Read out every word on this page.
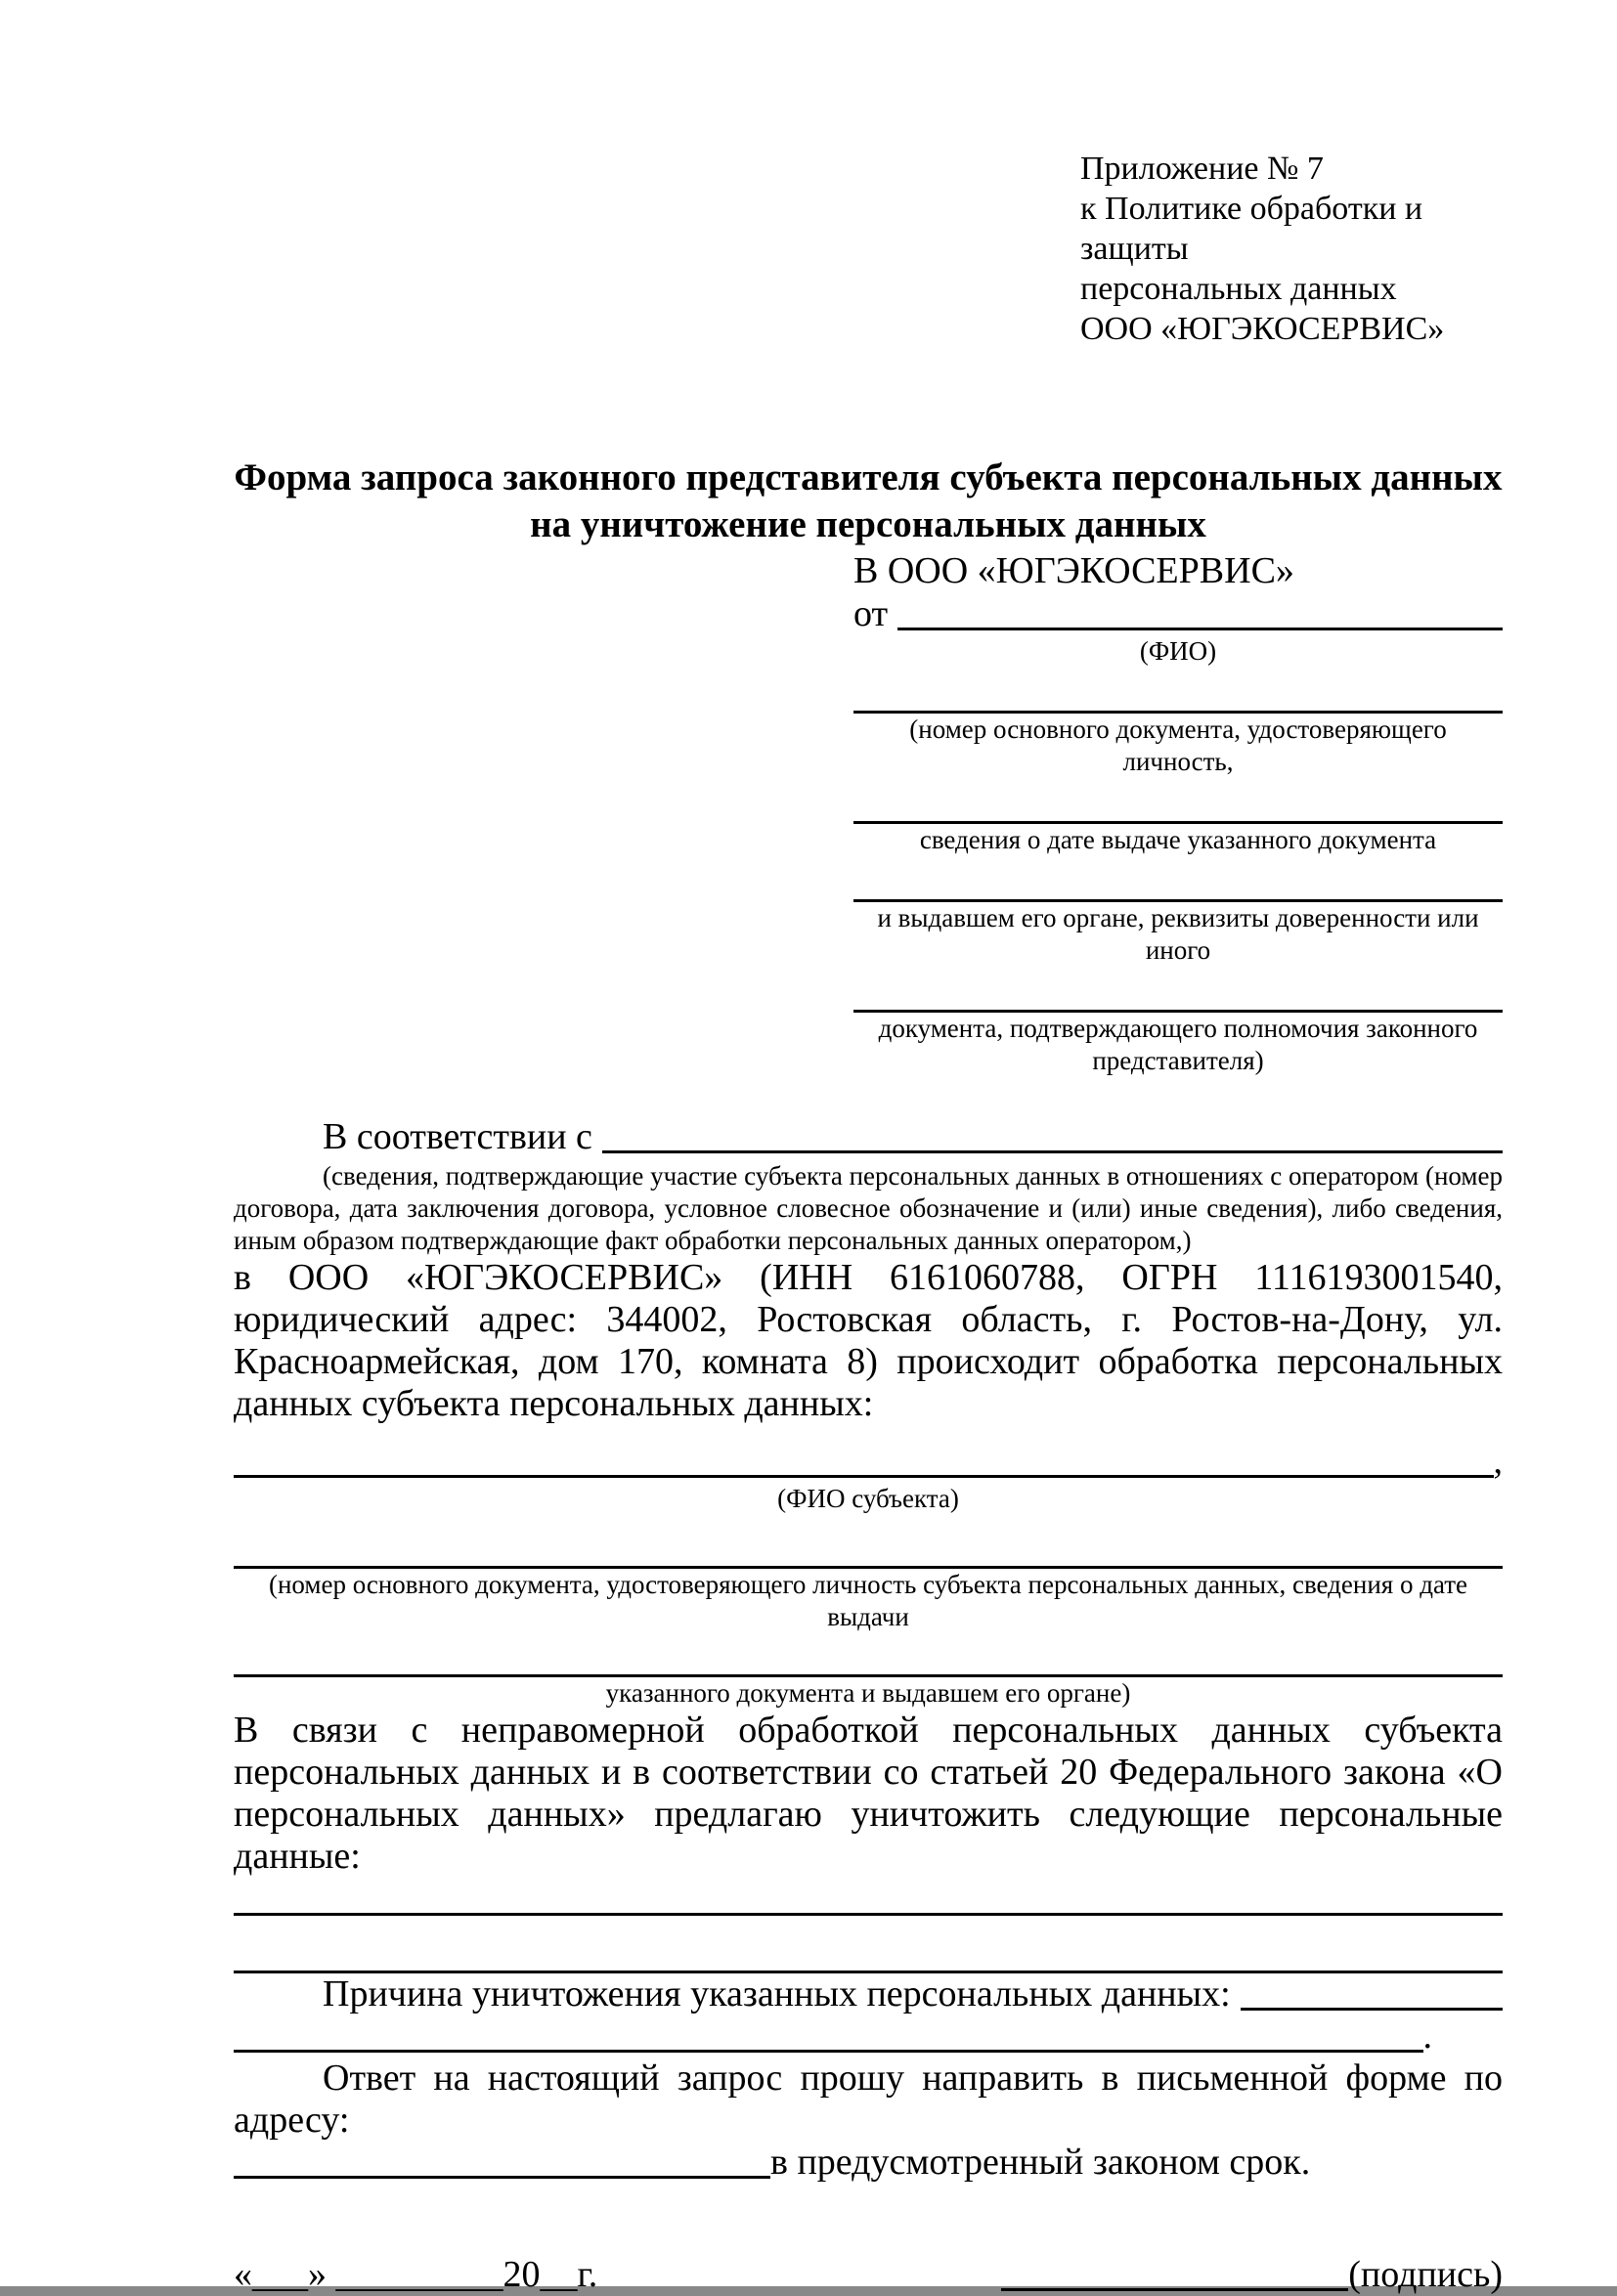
Приложение № 7
к Политике обработки и защиты
персональных данных
ООО «ЮГЭКОСЕРВИС»
Форма запроса законного представителя субъекта персональных данных
на уничтожение персональных данных
В ООО «ЮГЭКОСЕРВИС»
от
(ФИО)
(номер основного документа, удостоверяющего личность,
сведения о дате выдаче указанного документа
и выдавшем его органе, реквизиты доверенности или иного
документа, подтверждающего полномочия законного представителя)
В соответствии с
(сведения, подтверждающие участие субъекта персональных данных в отношениях с оператором (номер договора, дата заключения договора, условное словесное обозначение и (или) иные сведения), либо сведения, иным образом подтверждающие факт обработки персональных данных оператором,)
в ООО «ЮГЭКОСЕРВИС» (ИНН 6161060788, ОГРН 1116193001540, юридический адрес: 344002, Ростовская область, г. Ростов-на-Дону, ул. Красноармейская, дом 170, комната 8) происходит обработка персональных данных субъекта персональных данных:
,
(ФИО субъекта)
(номер основного документа, удостоверяющего личность субъекта персональных данных, сведения о дате выдачи
указанного документа и выдавшем его органе)
В связи с неправомерной обработкой персональных данных субъекта персональных данных и в соответствии со статьей 20 Федерального закона «О персональных данных» предлагаю уничтожить следующие персональные данные:
Причина уничтожения указанных персональных данных:
.
Ответ на настоящий запрос прошу направить в письменной форме по адресу:
в предусмотренный законом срок.
«___» _________20__г.	(подпись)
